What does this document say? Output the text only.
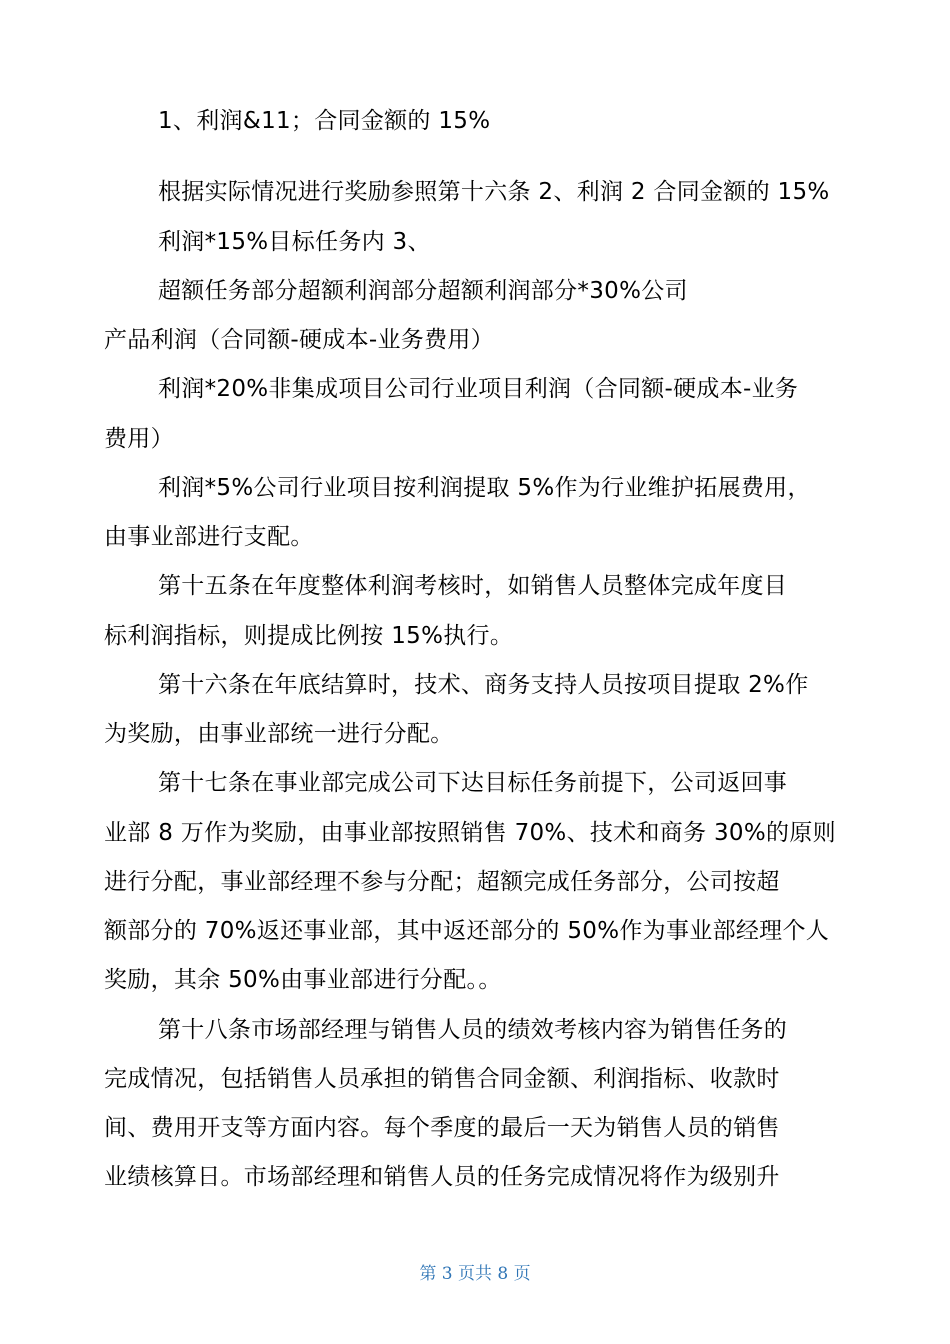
1、利润&11；合同金额的 15%
根据实际情况进行奖励参照第十六条 2、利润 2 合同金额的 15%
利润*15%目标任务内 3、
超额任务部分超额利润部分超额利润部分*30%公司
产品利润（合同额-硬成本-业务费用）
利润*20%非集成项目公司行业项目利润（合同额-硬成本-业务
费用）
利润*5%公司行业项目按利润提取 5%作为行业维护拓展费用，
由事业部进行支配。
第十五条在年度整体利润考核时，如销售人员整体完成年度目
标利润指标，则提成比例按 15%执行。
第十六条在年底结算时，技术、商务支持人员按项目提取 2%作
为奖励，由事业部统一进行分配。
第十七条在事业部完成公司下达目标任务前提下，公司返回事
业部 8 万作为奖励，由事业部按照销售 70%、技术和商务 30%的原则
进行分配，事业部经理不参与分配；超额完成任务部分，公司按超
额部分的 70%返还事业部，其中返还部分的 50%作为事业部经理个人
奖励，其余 50%由事业部进行分配。。
第十八条市场部经理与销售人员的绩效考核内容为销售任务的
完成情况，包括销售人员承担的销售合同金额、利润指标、收款时
间、费用开支等方面内容。每个季度的最后一天为销售人员的销售
业绩核算日。市场部经理和销售人员的任务完成情况将作为级别升
第 3 页共 8 页
